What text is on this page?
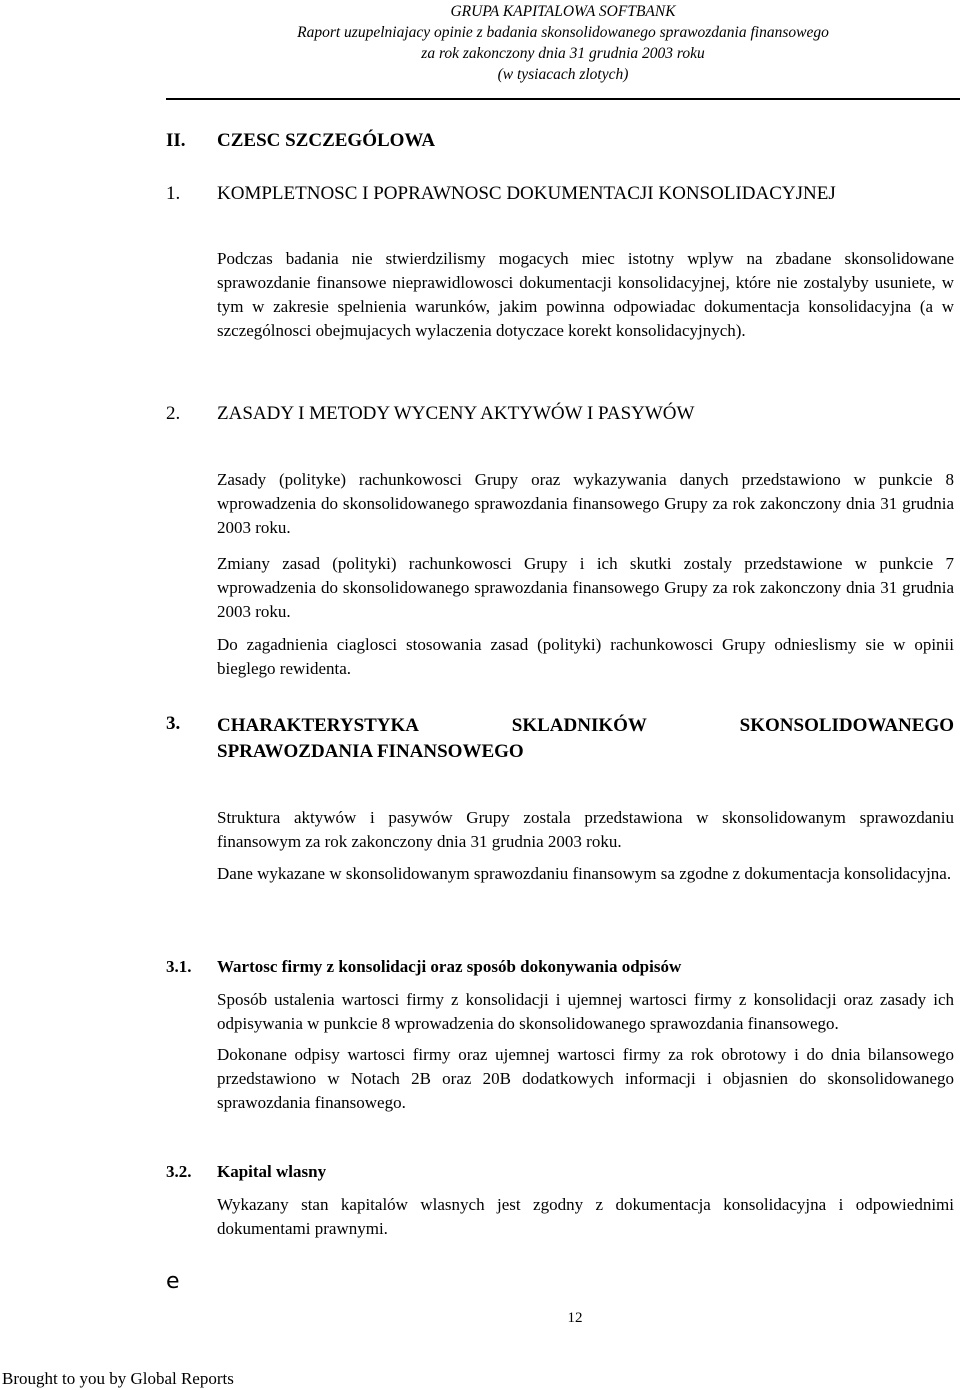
GRUPA KAPITALOWA SOFTBANK
Raport uzupelniajacy opinie z badania skonsolidowanego sprawozdania finansowego
za rok zakonczony dnia 31 grudnia 2003 roku
(w tysiacach zlotych)
II. CZESC SZCZEGÓLOWA
1. KOMPLETNOSC I POPRAWNOSC DOKUMENTACJI KONSOLIDACYJNEJ

Podczas badania nie stwierdzilismy mogacych miec istotny wplyw na zbadane skonsolidowane sprawozdanie finansowe nieprawidlowosci dokumentacji konsolidacyjnej, które nie zostalyby usuniete, w tym w zakresie spelnienia warunków, jakim powinna odpowiadac dokumentacja konsolidacyjna (a w szczególnosci obejmujacych wylaczenia dotyczace korekt konsolidacyjnych).

2. ZASADY I METODY WYCENY AKTYWÓW I PASYWÓW

Zasady (polityke) rachunkowosci Grupy oraz wykazywania danych przedstawiono w punkcie 8 wprowadzenia do skonsolidowanego sprawozdania finansowego Grupy za rok zakonczony dnia 31 grudnia 2003 roku.

Zmiany zasad (polityki) rachunkowosci Grupy i ich skutki zostaly przedstawione w punkcie 7 wprowadzenia do skonsolidowanego sprawozdania finansowego Grupy za rok zakonczony dnia 31 grudnia 2003 roku.

Do zagadnienia ciaglosci stosowania zasad (polityki) rachunkowosci Grupy odnieslismy sie w opinii bieglego rewidenta.

3. CHARAKTERYSTYKA	SKLADNIKÓW	SKONSOLIDOWANEGO
SPRAWOZDANIA FINANSOWEGO

Struktura aktywów i pasywów Grupy zostala przedstawiona w skonsolidowanym sprawozdaniu finansowym za rok zakonczony dnia 31 grudnia 2003 roku.

Dane wykazane w skonsolidowanym sprawozdaniu finansowym sa zgodne z dokumentacja konsolidacyjna.

3.1. Wartosc firmy z konsolidacji oraz sposób dokonywania odpisów

Sposób ustalenia wartosci firmy z konsolidacji i ujemnej wartosci firmy z konsolidacji oraz zasady ich odpisywania w punkcie 8 wprowadzenia do skonsolidowanego sprawozdania finansowego.

Dokonane odpisy wartosci firmy oraz ujemnej wartosci firmy za rok obrotowy i do dnia bilansowego przedstawiono w Notach 2B oraz 20B dodatkowych informacji i objasnien do skonsolidowanego sprawozdania finansowego.

3.2. Kapital wlasny

Wykazany stan kapitalów wlasnych jest zgodny z dokumentacja konsolidacyjna i odpowiednimi dokumentami prawnymi.

e
12
Brought to you by Global Reports
